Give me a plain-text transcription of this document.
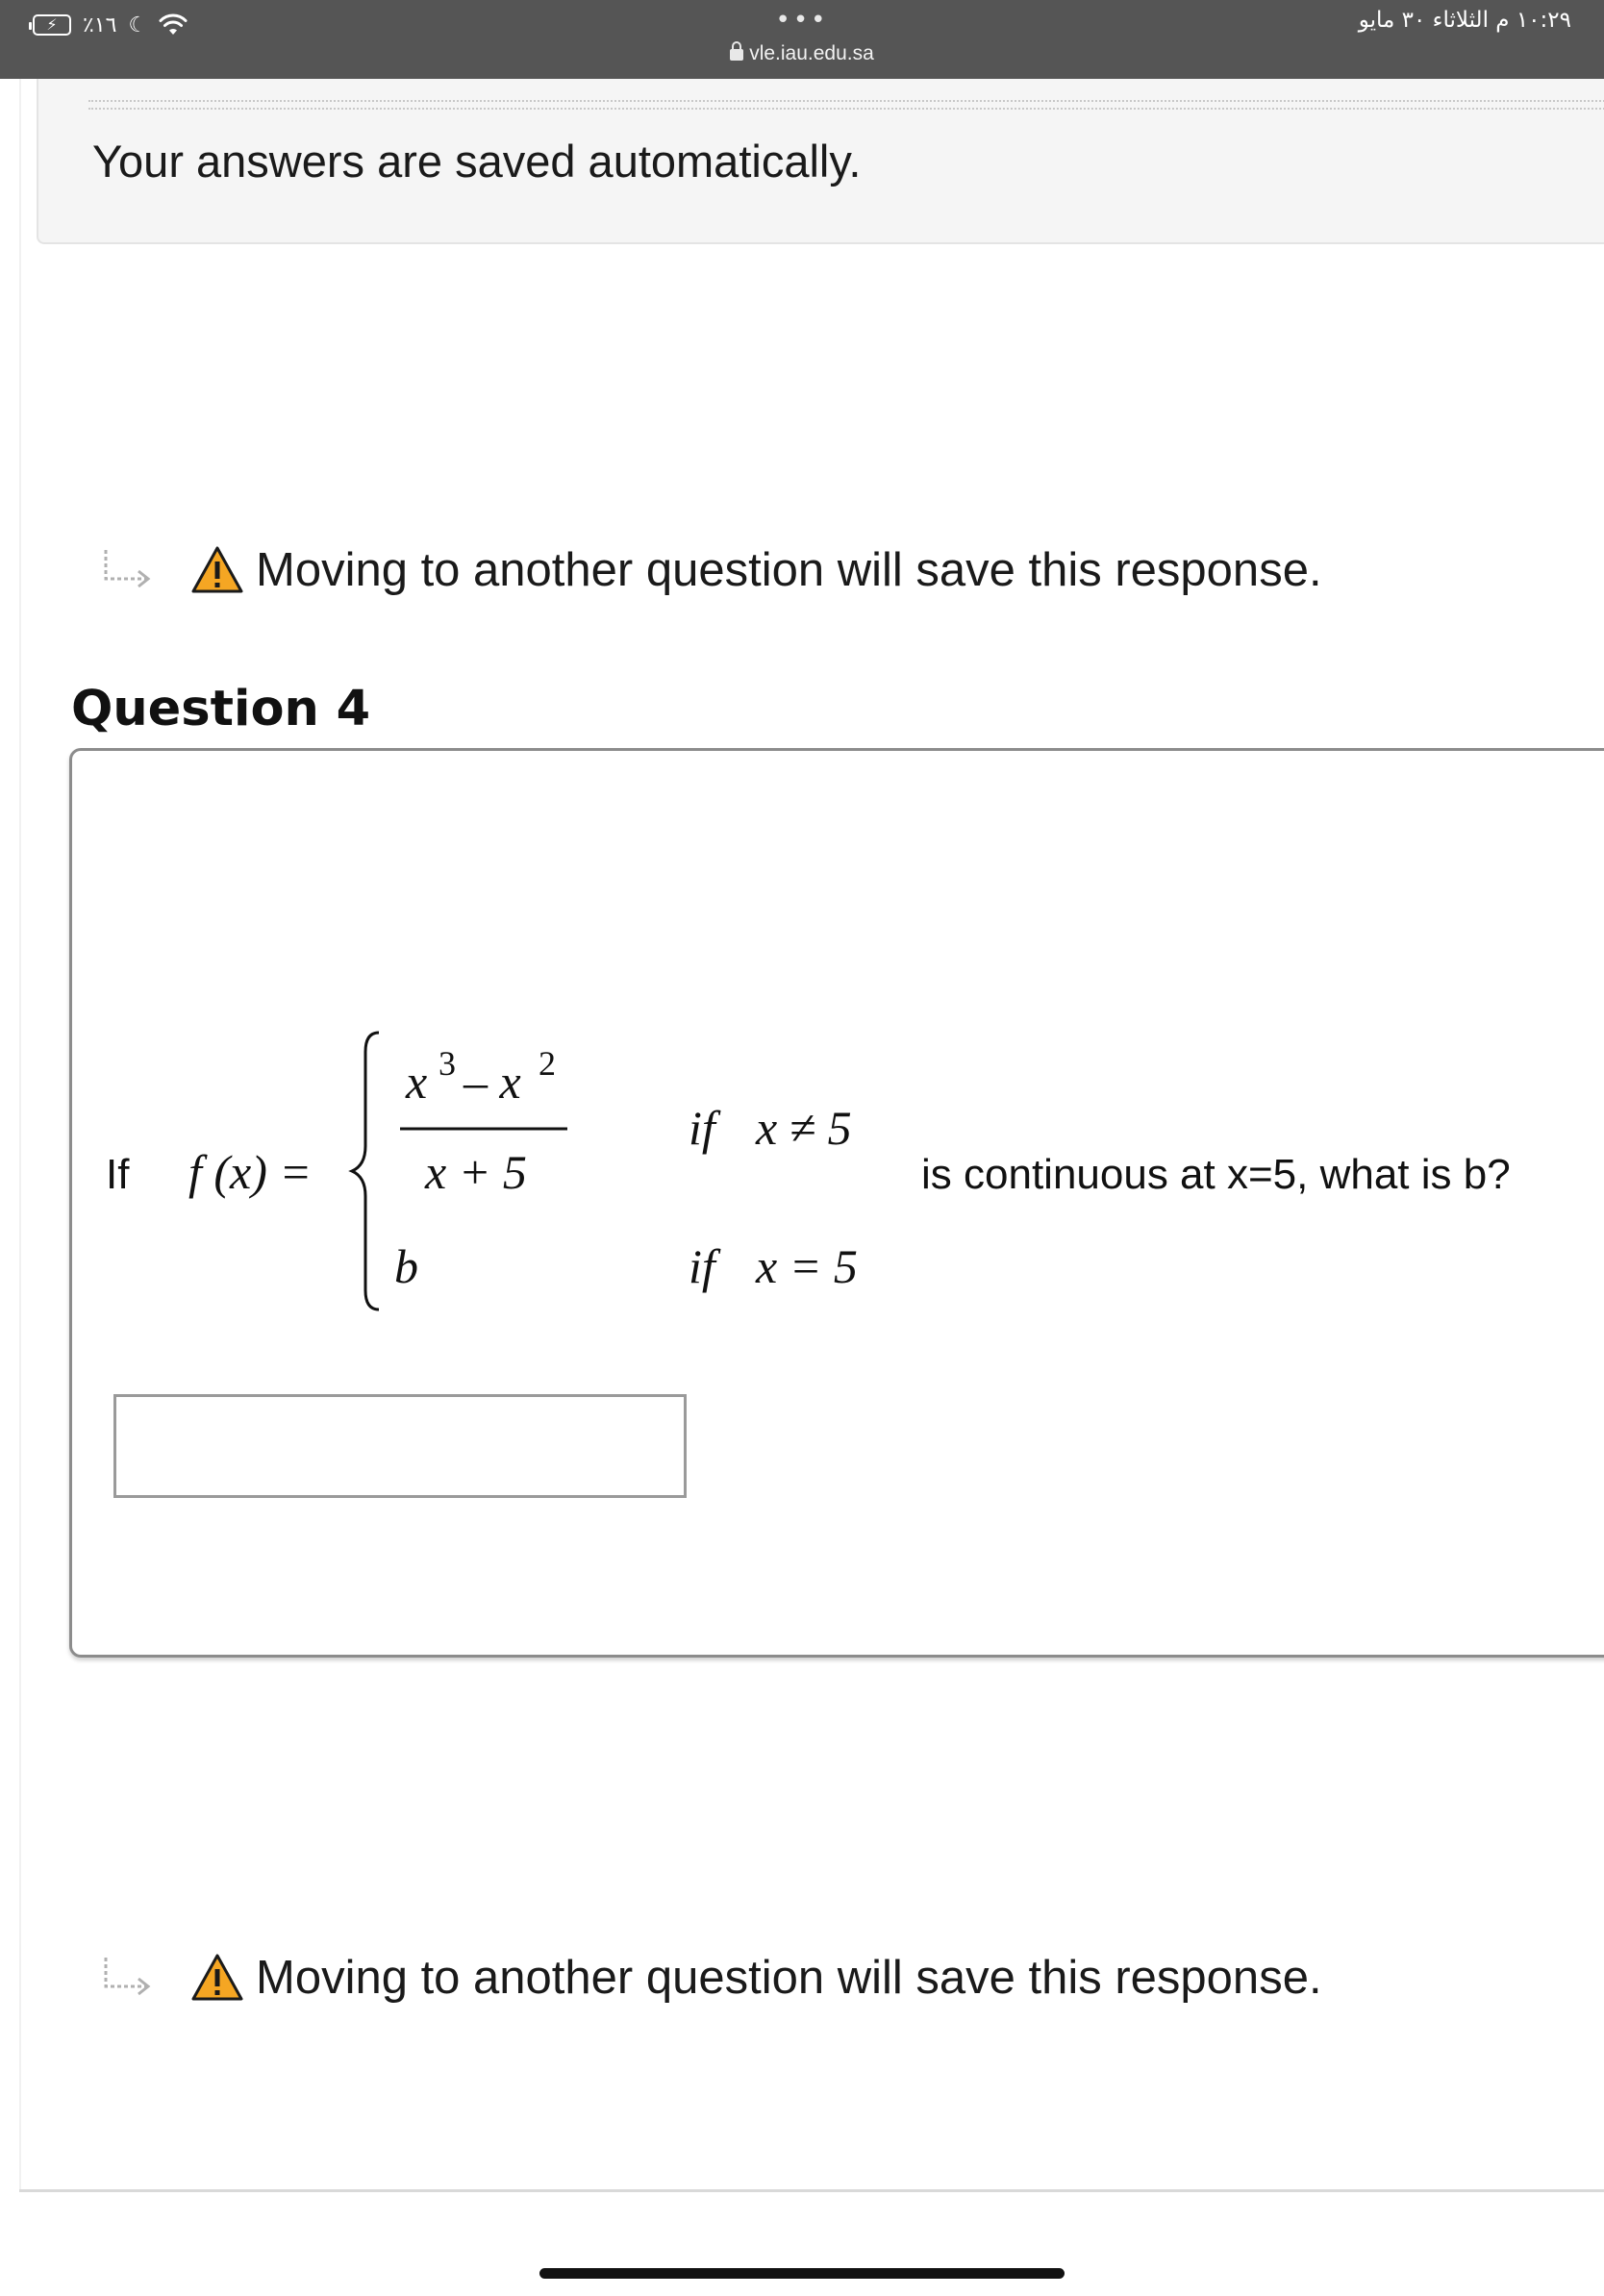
⚡ ٪١٦ ☾	•••
vle.iau.edu.sa
١٠:٢٩ م الثلاثاء ٣٠ مايو
Your answers are saved automatically.
Moving to another question will save this response.
Question 4
If f (x) =
x 3 – x 2
x + 5
b
if x ≠ 5
if x = 5
is continuous at x=5, what is b?
Moving to another question will save this response.
